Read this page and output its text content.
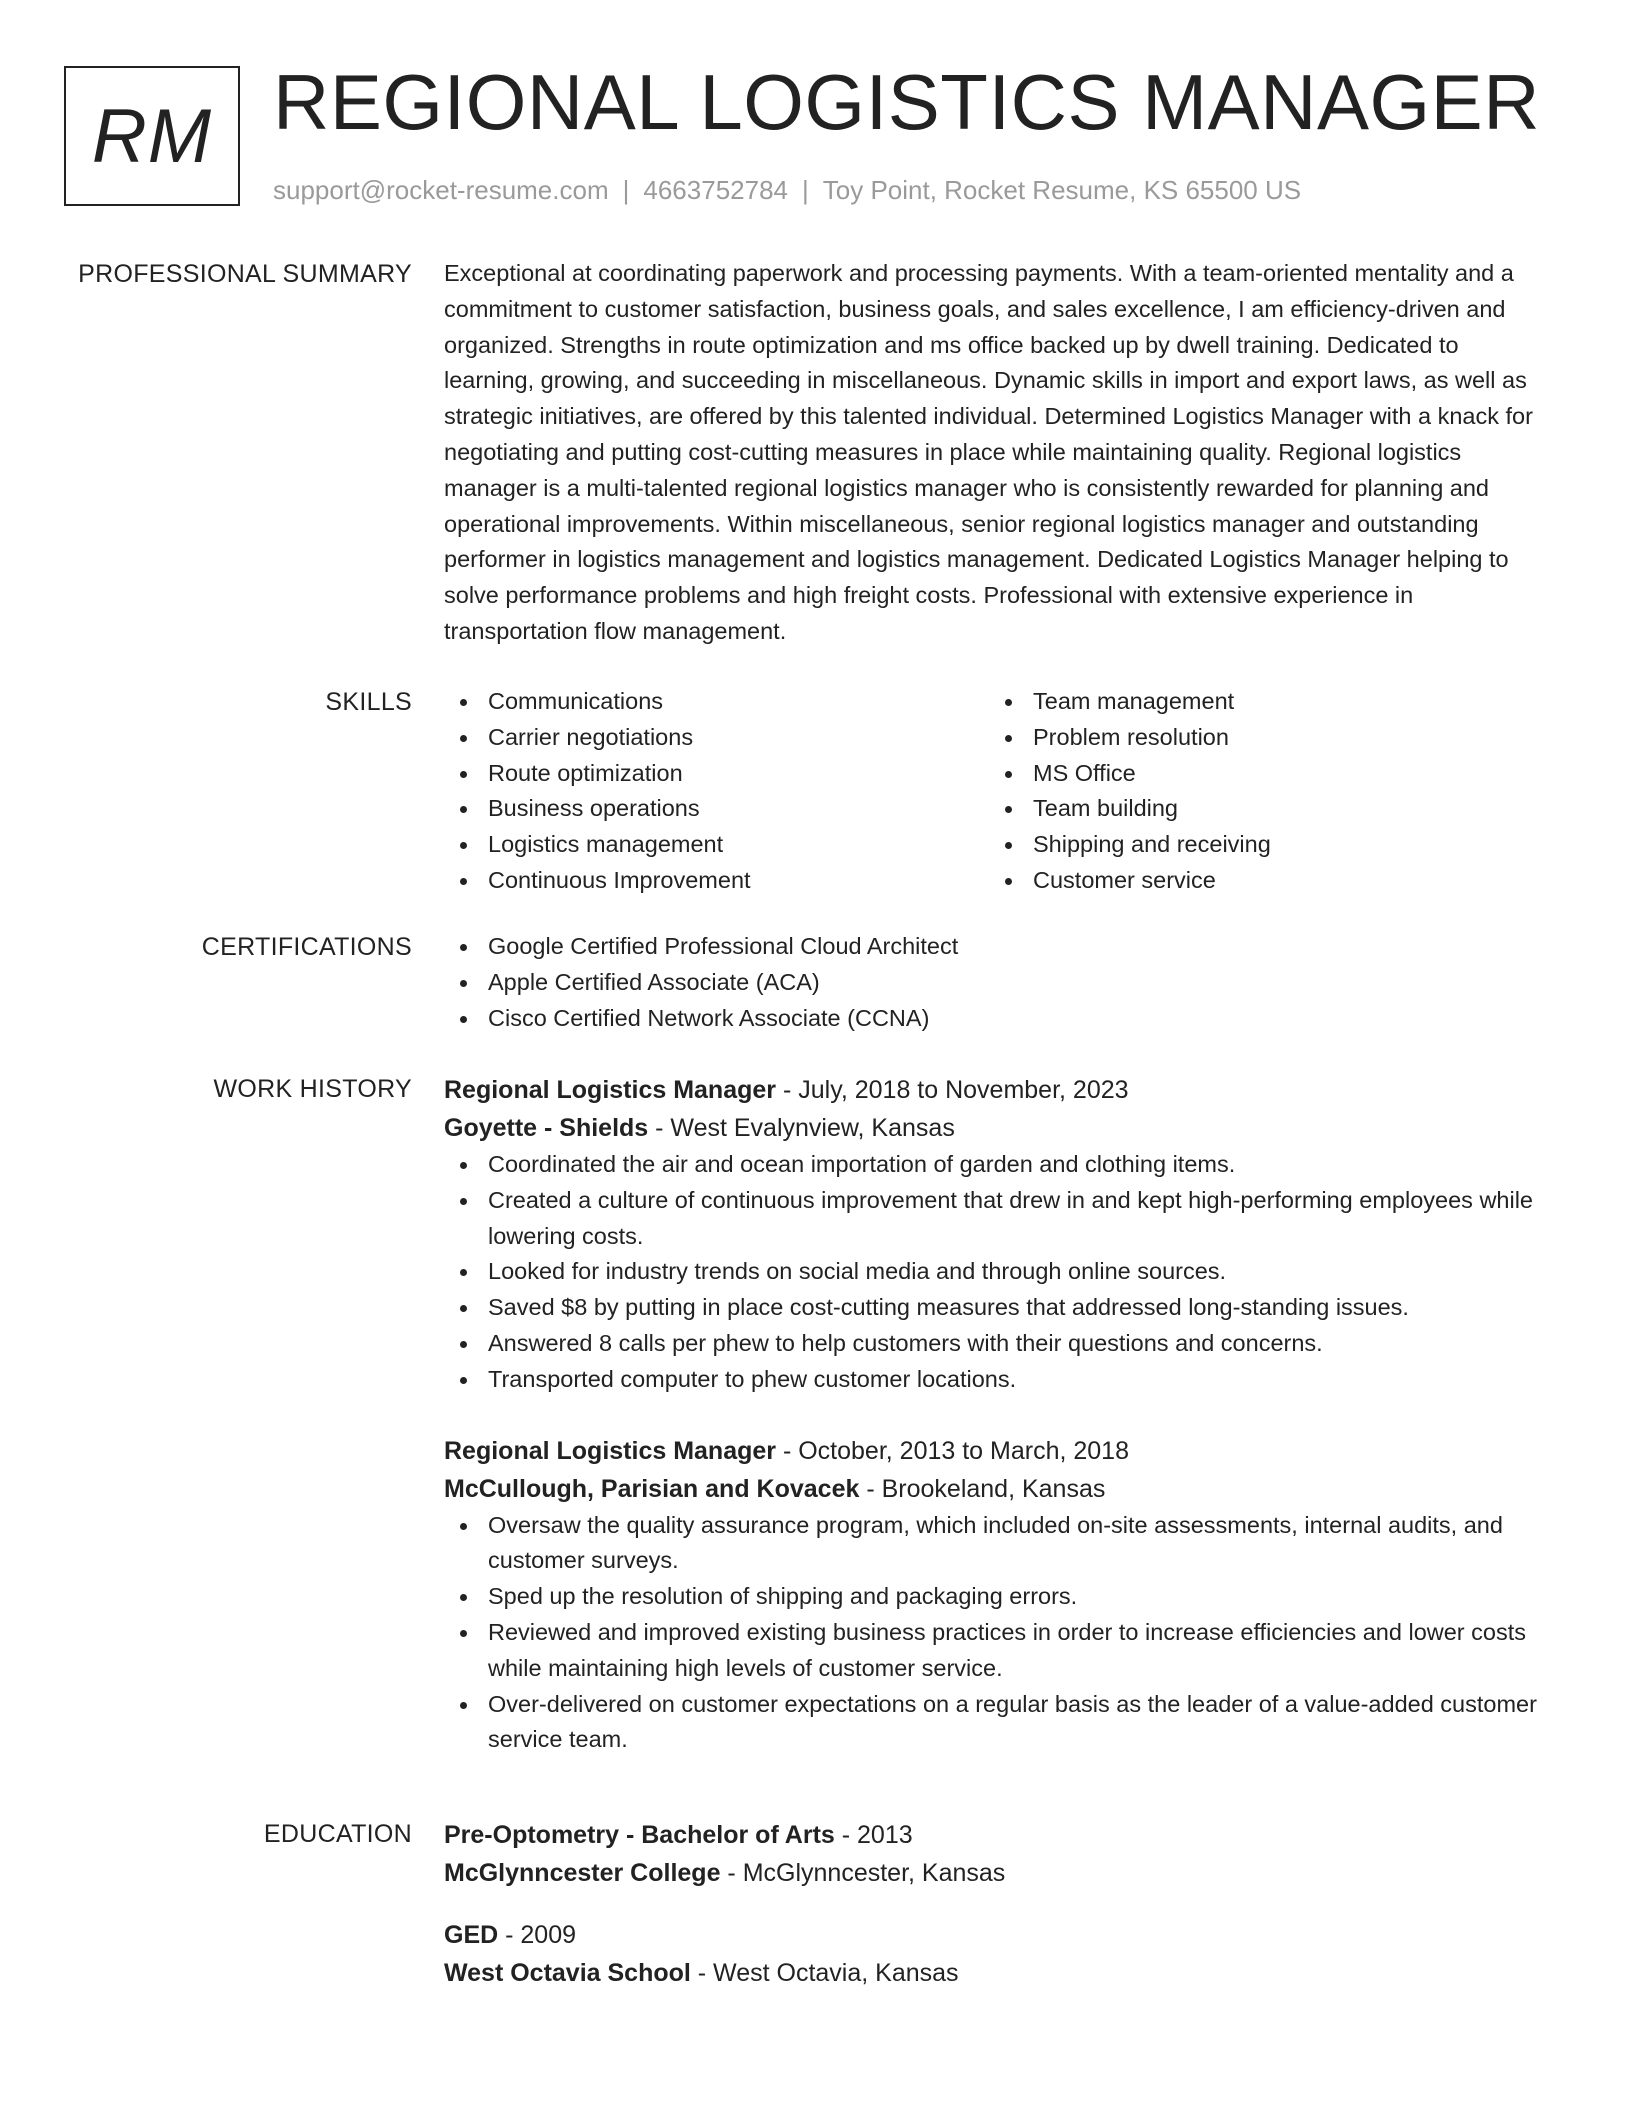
RM REGIONAL LOGISTICS MANAGER
support@rocket-resume.com | 4663752784 | Toy Point, Rocket Resume, KS 65500 US
PROFESSIONAL SUMMARY Exceptional at coordinating paperwork and processing payments. With a team-oriented mentality and a commitment to customer satisfaction, business goals, and sales excellence, I am efficiency-driven and organized. Strengths in route optimization and ms office backed up by dwell training. Dedicated to learning, growing, and succeeding in miscellaneous. Dynamic skills in import and export laws, as well as strategic initiatives, are offered by this talented individual. Determined Logistics Manager with a knack for negotiating and putting cost-cutting measures in place while maintaining quality. Regional logistics manager is a multi-talented regional logistics manager who is consistently rewarded for planning and operational improvements. Within miscellaneous, senior regional logistics manager and outstanding performer in logistics management and logistics management. Dedicated Logistics Manager helping to solve performance problems and high freight costs. Professional with extensive experience in transportation flow management.

SKILLS	Communications
Carrier negotiations
Route optimization
Business operations
Logistics management
Continuous Improvement
Team management
Problem resolution
MS Office
Team building
Shipping and receiving
Customer service
CERTIFICATIONS	Google Certified Professional Cloud Architect
Apple Certified Associate (ACA)
Cisco Certified Network Associate (CCNA)
WORK HISTORY Regional Logistics Manager - July, 2018 to November, 2023
Goyette - Shields - West Evalynview, Kansas
Coordinated the air and ocean importation of garden and clothing items.
Created a culture of continuous improvement that drew in and kept high-performing employees while lowering costs.
Looked for industry trends on social media and through online sources.
Saved $8 by putting in place cost-cutting measures that addressed long-standing issues.
Answered 8 calls per phew to help customers with their questions and concerns.
Transported computer to phew customer locations.
Regional Logistics Manager - October, 2013 to March, 2018
McCullough, Parisian and Kovacek - Brookeland, Kansas
Oversaw the quality assurance program, which included on-site assessments, internal audits, and customer surveys.
Sped up the resolution of shipping and packaging errors.
Reviewed and improved existing business practices in order to increase efficiencies and lower costs while maintaining high levels of customer service.
Over-delivered on customer expectations on a regular basis as the leader of a value-added customer service team.
EDUCATION Pre-Optometry - Bachelor of Arts - 2013
McGlynncester College - McGlynncester, Kansas
GED - 2009
West Octavia School - West Octavia, Kansas
